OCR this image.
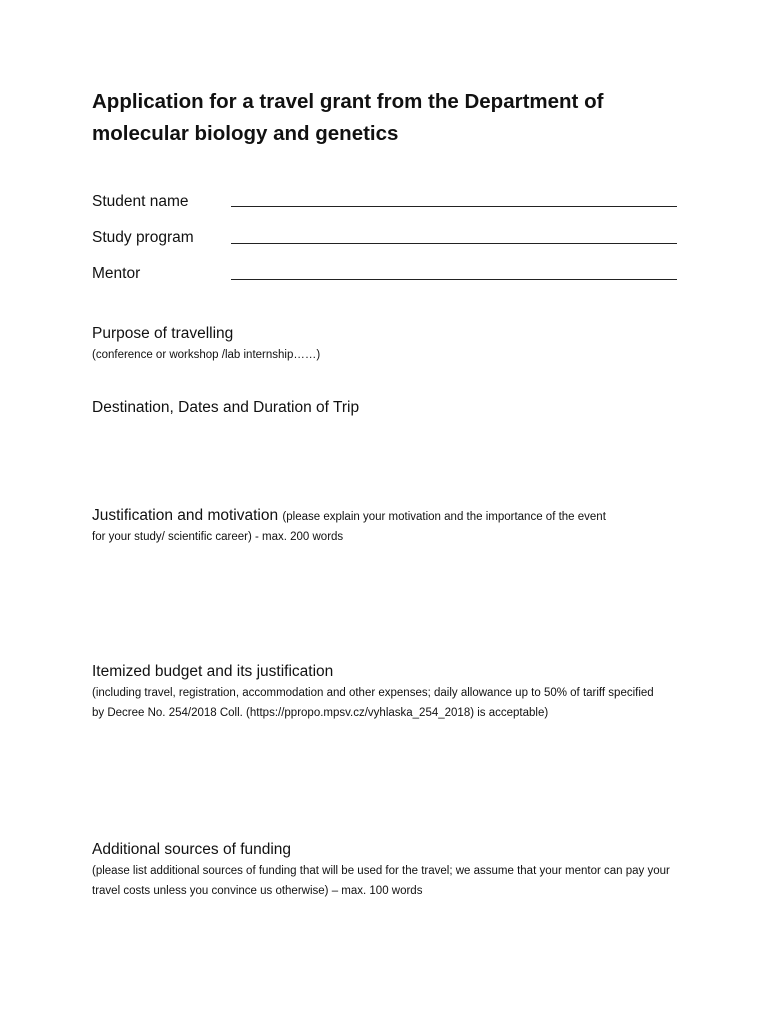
Application for a travel grant from the Department of molecular biology and genetics
Student name
Study program
Mentor
Purpose of travelling
(conference or workshop /lab internship……)
Destination, Dates and Duration of Trip
Justification and motivation (please explain your motivation and the importance of the event
for your study/ scientific career) - max. 200 words
Itemized budget and its justification
(including travel, registration, accommodation and other expenses; daily allowance up to 50% of tariff specified by Decree No. 254/2018 Coll. (https://ppropo.mpsv.cz/vyhlaska_254_2018) is acceptable)
Additional sources of funding
(please list additional sources of funding that will be used for the travel; we assume that your mentor can pay your travel costs unless you convince us otherwise) – max. 100 words
